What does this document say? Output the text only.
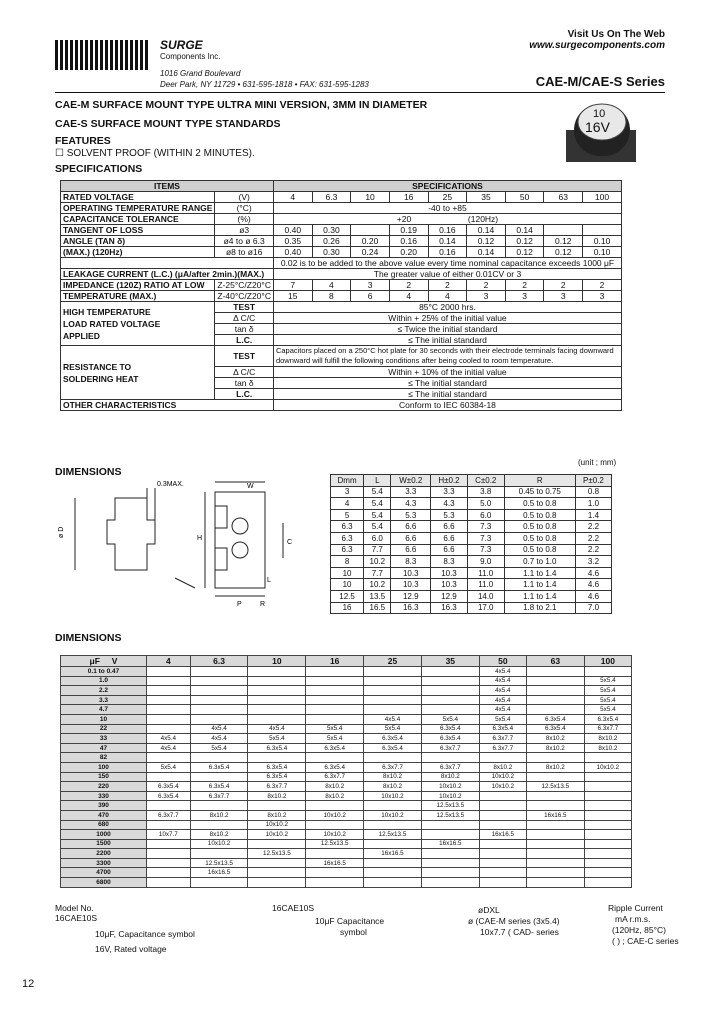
SURGE
Components Inc.
1016 Grand Boulevard
Deer Park, NY 11729 • 631-595-1818 • FAX: 631-595-1283
Visit Us On The Web
www.surgecomponents.com
CAE-M/CAE-S Series
CAE-M SURFACE MOUNT TYPE ULTRA MINI VERSION, 3MM IN DIAMETER
CAE-S SURFACE MOUNT TYPE STANDARDS
FEATURES
☐ SOLVENT PROOF (WITHIN 2 MINUTES).
SPECIFICATIONS
10
16V
ITEMS		SPECIFICATIONS								
RATED VOLTAGE	(V)	4	6.3	10	16	25	35	50	63	100
OPERATING TEMPERATURE RANGE	(°C)	-40 to +85								
CAPACITANCE TOLERANCE	(%)	+20 (120Hz)								
TANGENT OF LOSS	ø3	0.40	0.30		0.19	0.16	0.14	0.14		
ANGLE (TAN δ)	ø4 to ø 6.3	0.35	0.26	0.20	0.16	0.14	0.12	0.12	0.12	0.10
(MAX.) (120Hz)	ø8 to ø16	0.40	0.30	0.24	0.20	0.16	0.14	0.12	0.12	0.10
		0.02 is to be added to the above value every time nominal capacitance exceeds 1000 μF								
LEAKAGE CURRENT (L.C.) (μA/after 2min.)(MAX.)		The greater value of either 0.01CV or 3								
IMPEDANCE (120Z) RATIO AT LOW	Z-25°C/Z20°C	7	4	3	2	2	2	2	2	2
TEMPERATURE (MAX.)	Z-40°C/Z20°C	15	8	6	4	4	3	3	3	3
HIGH TEMPERATURE
LOAD RATED VOLTAGE
APPLIED	TEST	85°C 2000 hrs.								
	Δ C/C	Within + 25% of the initial value								
	tan δ	≤ Twice the initial standard								
	L.C.	≤ The initial standard								
RESISTANCE TO
SOLDERING HEAT	TEST	Capacitors placed on a 250°C hot plate for 30 seconds with their electrode terminals facing downward
downward will fulfill the following conditions after being cooled to room temperature.								
	Δ C/C	Within + 10% of the initial value								
	tan δ	≤ The initial standard								
	L.C.	≤ The initial standard								
OTHER CHARACTERISTICS		Conform to IEC 60384-18								
DIMENSIONS
(unit ; mm)
0.3MAX.	W
H
L
P	R
C
ø D
Dmm	L	W±0.2	H±0.2	C±0.2	R	P±0.2
3	5.4	3.3	3.3	3.8	0.45 to 0.75	0.8
4	5.4	4.3	4.3	5.0	0.5 to 0.8	1.0
5	5.4	5.3	5.3	6.0	0.5 to 0.8	1.4
6.3	5.4	6.6	6.6	7.3	0.5 to 0.8	2.2
6.3	6.0	6.6	6.6	7.3	0.5 to 0.8	2.2
6.3	7.7	6.6	6.6	7.3	0.5 to 0.8	2.2
8	10.2	8.3	8.3	9.0	0.7 to 1.0	3.2
10	7.7	10.3	10.3	11.0	1.1 to 1.4	4.6
10	10.2	10.3	10.3	11.0	1.1 to 1.4	4.6
12.5	13.5	12.9	12.9	14.0	1.1 to 1.4	4.6
16	16.5	16.3	16.3	17.0	1.8 to 2.1	7.0
DIMENSIONS
μF V	4	6.3	10	16	25	35	50	63	100
0.1 to 0.47							4x5.4		
1.0							4x5.4		5x5.4
2.2							4x5.4		5x5.4
3.3							4x5.4		5x5.4
4.7							4x5.4		5x5.4
10					4x5.4	5x5.4	5x5.4	6.3x5.4	6.3x5.4
22		4x5.4	4x5.4	5x5.4	5x5.4	6.3x5.4	6.3x5.4	6.3x5.4	6.3x7.7
33	4x5.4	4x5.4	5x5.4	5x5.4	6.3x5.4	6.3x5.4	6.3x7.7	8x10.2	8x10.2
47	4x5.4	5x5.4	6.3x5.4	6.3x5.4	6.3x5.4	6.3x7.7	6.3x7.7	8x10.2	8x10.2
82									
100	5x5.4	6.3x5.4	6.3x5.4	6.3x5.4	6.3x7.7	6.3x7.7	8x10.2	8x10.2	10x10.2
150			6.3x5.4	6.3x7.7	8x10.2	8x10.2	10x10.2		
220	6.3x5.4	6.3x5.4	6.3x7.7	8x10.2	8x10.2	10x10.2	10x10.2	12.5x13.5	
330	6.3x5.4	6.3x7.7	8x10.2	8x10.2	10x10.2	10x10.2			
390						12.5x13.5			
470	6.3x7.7	8x10.2	8x10.2	10x10.2	10x10.2	12.5x13.5		16x16.5	
680			10x10.2						
1000	10x7.7	8x10.2	10x10.2	10x10.2	12.5x13.5		16x16.5		
1500		10x10.2		12.5x13.5		16x16.5			
2200			12.5x13.5		16x16.5				
3300		12.5x13.5		16x16.5					
4700		16x16.5							
6800									
Model No.
16CAE10S
10μF, Capacitance symbol
16V, Rated voltage
16CAE10S
10μF Capacitance
symbol
øDXL
ø (CAE-M series (3x5.4)
10x7.7 ( CAD- series
Ripple Current
mA r.m.s.
(120Hz, 85°C)
( ) ; CAE-C series
12
